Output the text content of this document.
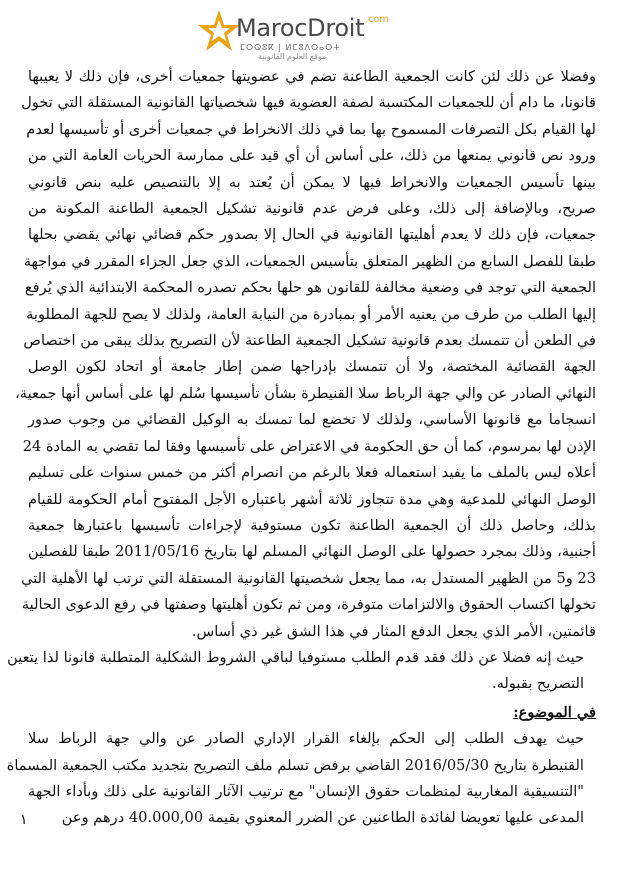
MarocDroit$^{.com}$
ⵎⵔⵕⵓⴽ | ⵍⵎⵓⴷⵔⴰⵔⵜ
موقع العلوم القانونية

وفضلا عن ذلك لئن كانت الجمعية الطاعنة تضم في عضويتها جمعيات أخرى، فإن ذلك لا يعيبها
قانونا، ما دام أن للجمعيات المكتسبة لصفة العضوية فيها شخصياتها القانونية المستقلة التي تخول
لها القيام بكل التصرفات المسموح بها بما في ذلك الانخراط في جمعيات أخرى أو تأسيسها لعدم
ورود نص قانوني يمنعها من ذلك، على أساس أن أي قيد على ممارسة الحريات العامة التي من
بينها تأسيس الجمعيات والانخراط فيها لا يمكن أن يُعتد به إلا بالتنصيص عليه بنص قانوني
صريح، وبالإضافة إلى ذلك، وعلى فرض عدم قانونية تشكيل الجمعية الطاعنة المكونة من
جمعيات، فإن ذلك لا يعدم أهليتها القانونية في الحال إلا بصدور حكم قضائي نهائي يقضي بحلها
طبقا للفصل السابع من الظهير المتعلق بتأسيس الجمعيات، الذي جعل الجزاء المقرر في مواجهة
الجمعية التي توجد في وضعية مخالفة للقانون هو حلها بحكم تصدره المحكمة الابتدائية الذي يُرفع
إليها الطلب من طرف من يعنيه الأمر أو بمبادرة من النيابة العامة، ولذلك لا يصح للجهة المطلوبة
في الطعن أن تتمسك بعدم قانونية تشكيل الجمعية الطاعنة لأن التصريح بذلك يبقى من اختصاص
الجهة القضائية المختصة، ولا أن تتمسك بإدراجها ضمن إطار جامعة أو اتحاد لكون الوصل
النهائي الصادر عن والي جهة الرباط سلا القنيطرة بشأن تأسيسها سُلم لها على أساس أنها جمعية،
انسجاما مع قانونها الأساسي، ولذلك لا تخضع لما تمسك به الوكيل القضائي من وجوب صدور
الإذن لها بمرسوم، كما أن حق الحكومة في الاعتراض على تأسيسها وفقا لما تقضي به المادة 24
أعلاه ليس بالملف ما يفيد استعماله فعلا بالرغم من انصرام أكثر من خمس سنوات على تسليم
الوصل النهائي للمدعية وهي مدة تتجاوز ثلاثة أشهر باعتباره الأجل المفتوح أمام الحكومة للقيام
بذلك، وحاصل ذلك أن الجمعية الطاعنة تكون مستوفية لإجراءات تأسيسها باعتبارها جمعية
أجنبية، وذلك بمجرد حصولها على الوصل النهائي المسلم لها بتاريخ 2011/05/16 طبقا للفصلين
23 و5 من الظهير المستدل به، مما يجعل شخصيتها القانونية المستقلة التي ترتب لها الأهلية التي
تخولها اكتساب الحقوق والالتزامات متوفرة، ومن ثم تكون أهليتها وصفتها في رفع الدعوى الحالية
قائمتين، الأمر الذي يجعل الدفع المثار في هذا الشق غير ذي أساس.

حيث إنه فضلا عن ذلك فقد قدم الطلب مستوفيا لباقي الشروط الشكلية المتطلبة قانونا لذا يتعين
التصريح بقبوله.

في الموضوع:

حيث يهدف الطلب إلى الحكم بإلغاء القرار الإداري الصادر عن والي جهة الرباط سلا
القنيطرة بتاريخ 2016/05/30 القاضي برفض تسلم ملف التصريح بتجديد مكتب الجمعية المسماة
"التنسيقية المغاربية لمنظمات حقوق الإنسان" مع ترتيب الآثار القانونية على ذلك وبأداء الجهة
المدعى عليها تعويضا لفائدة الطاعنين عن الضرر المعنوي بقيمة 40.000,00 درهم وعن

١
